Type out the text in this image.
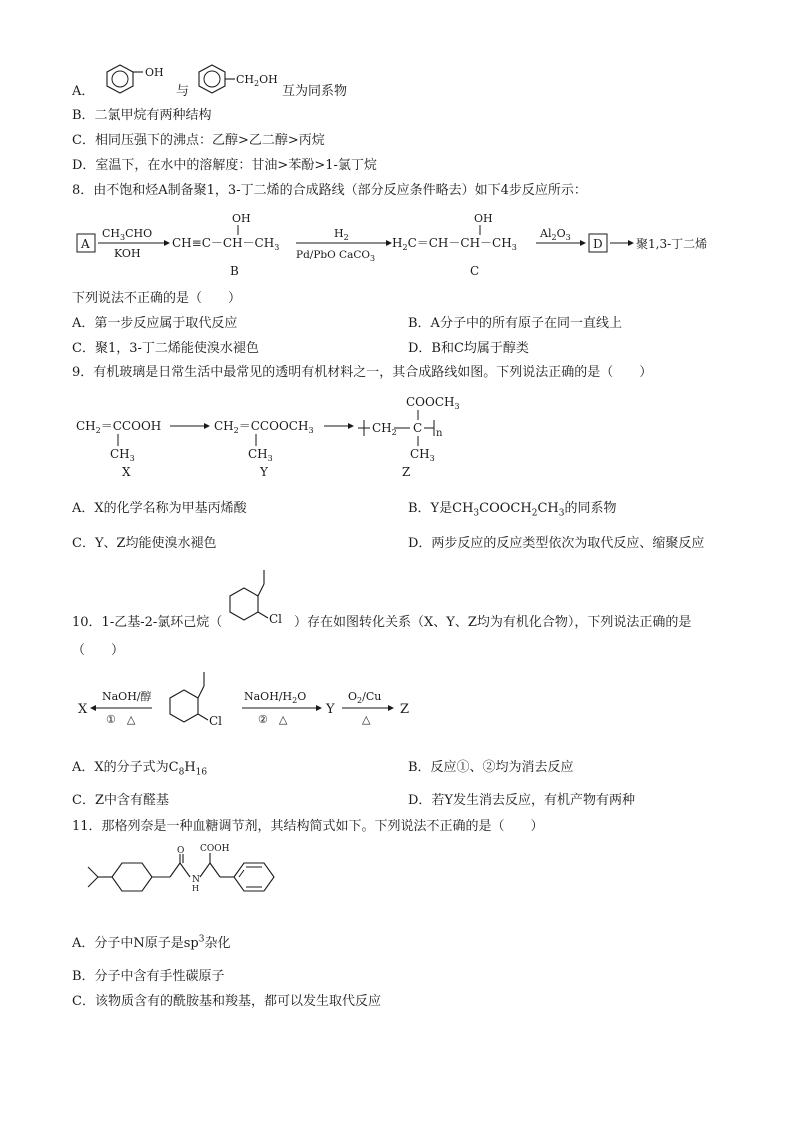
A．
OH
与
$CH_2OH$
互为同系物
B．二氯甲烷有两种结构
C．相同压强下的沸点：乙醇>乙二醇>丙烷
D．室温下，在水中的溶解度：甘油>苯酚>1-氯丁烷
8．由不饱和烃A制备聚1，3-丁二烯的合成路线（部分反应条件略去）如下4步反应所示：
A
$CH_3CHO$
KOH
OH
$CH\equiv C-CH-CH_3$
B
$H_2$
Pd/PbO CaCO$_3$
OH
$H_2C=CH-CH-CH_3$
C
$Al_2O_3$ D	聚1,3-丁二烯
下列说法不正确的是（　　）
A．第一步反应属于取代反应	B．A分子中的所有原子在同一直线上
C．聚1，3-丁二烯能使溴水褪色	D．B和C均属于醇类
9．有机玻璃是日常生活中最常见的透明有机材料之一，其合成路线如图。下列说法正确的是（　　）
$CH_2=CCOOH$
$CH_3$
X
$CH_2=CCOOCH_3$
$CH_3$
Y
$COOCH_3$
$CH_2$ C n
$CH_3$
Z
A．X的化学名称为甲基丙烯酸	B．Y是$CH_3COOCH_2CH_3$的同系物
C．Y、Z均能使溴水褪色	D．两步反应的反应类型依次为取代反应、缩聚反应
10．1-乙基-2-氯环己烷（	Cl ）存在如图转化关系（X、Y、Z均为有机化合物），下列说法正确的是
（　　）
X
NaOH/醇
①　△	Cl
NaOH/$H_2O$
②　△
Y
$O_2/Cu$
△
Z
A．X的分子式为$C_8H_{16}$	B．反应①、②均为消去反应
C．Z中含有醛基	D．若Y发生消去反应，有机产物有两种
11．那格列奈是一种血糖调节剂，其结构简式如下。下列说法不正确的是（　　）
O
N
H
COOH
A．分子中N原子是$sp^3$杂化
B．分子中含有手性碳原子
C．该物质含有的酰胺基和羧基，都可以发生取代反应
